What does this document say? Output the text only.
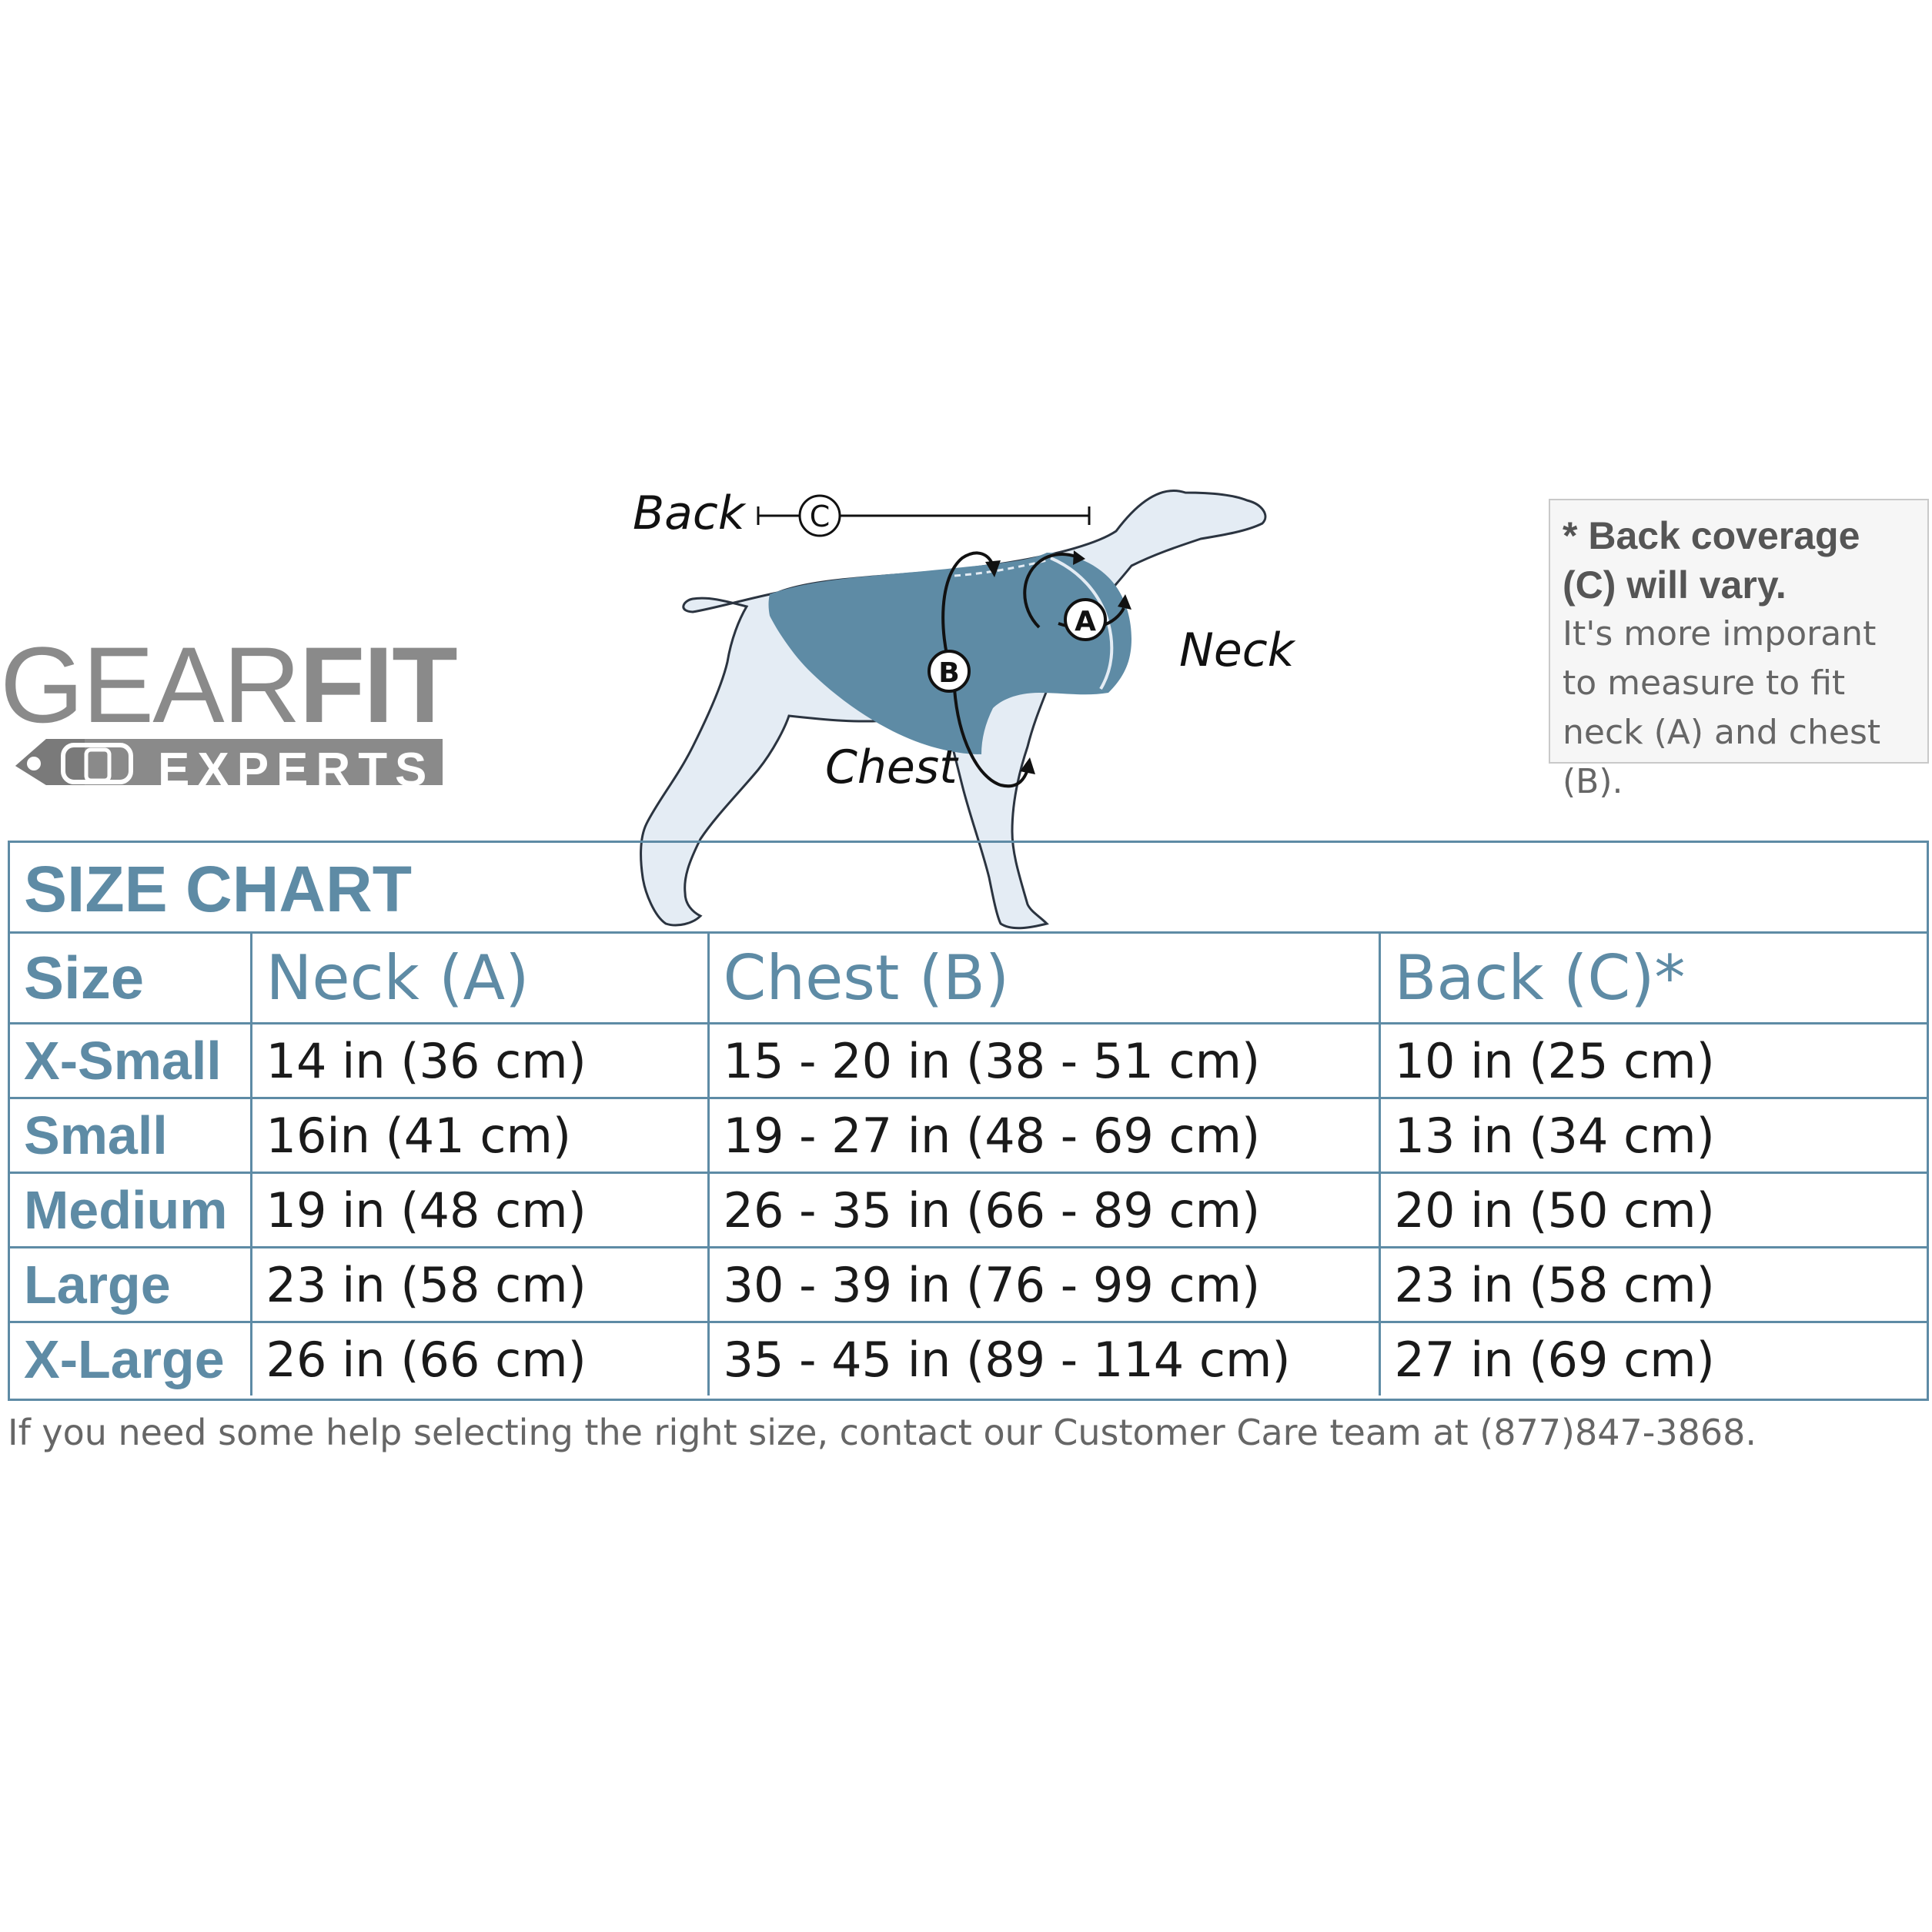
GEARFIT
EXPERTS
C
A
B
Back
Neck
Chest
* Back coverage (C) will vary.
It's more imporant to measure to fit neck (A) and chest (B).
SIZE CHART
Size	Neck (A)	Chest (B)	Back (C)*
X-Small	14 in (36 cm)	15 - 20 in (38 - 51 cm)	10 in (25 cm)
Small	16in (41 cm)	19 - 27 in (48 - 69 cm)	13 in (34 cm)
Medium	19 in (48 cm)	26 - 35 in (66 - 89 cm)	20 in (50 cm)
Large	23 in (58 cm)	30 - 39 in (76 - 99 cm)	23 in (58 cm)
X-Large	26 in (66 cm)	35 - 45 in (89 - 114 cm)	27 in (69 cm)
If you need some help selecting the right size, contact our Customer Care team at (877)847-3868.
